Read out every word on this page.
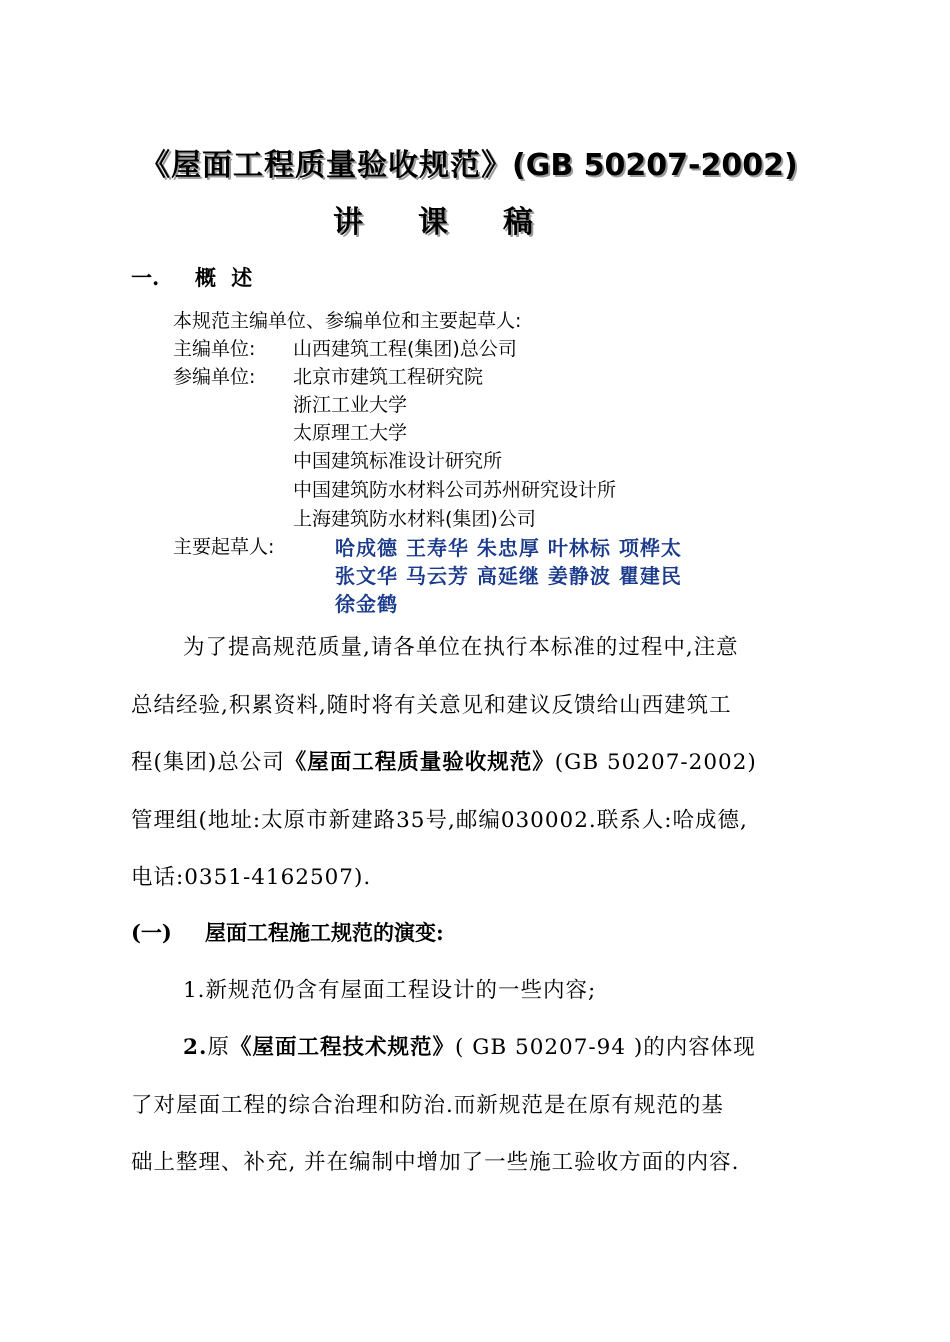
《屋面工程质量验收规范》(GB 50207-2002)
讲 课 稿
一. 概 述
本规范主编单位、参编单位和主要起草人:
主编单位: 山西建筑工程(集团)总公司
参编单位: 北京市建筑工程研究院
浙江工业大学
太原理工大学
中国建筑标准设计研究所
中国建筑防水材料公司苏州研究设计所
上海建筑防水材料(集团)公司
主要起草人:	哈成德 王寿华 朱忠厚 叶林标 项桦太
张文华 马云芳 高延继 姜静波 瞿建民
徐金鹤
为了提高规范质量,请各单位在执行本标准的过程中,注意
总结经验,积累资料,随时将有关意见和建议反馈给山西建筑工
程(集团)总公司《屋面工程质量验收规范》(GB 50207-2002)
管理组(地址:太原市新建路35号,邮编030002.联系人:哈成德,
电话:0351-4162507).
(一) 屋面工程施工规范的演变:
1.新规范仍含有屋面工程设计的一些内容;
2.原《屋面工程技术规范》( GB 50207-94 )的内容体现
了对屋面工程的综合治理和防治.而新规范是在原有规范的基
础上整理、补充, 并在编制中增加了一些施工验收方面的内容.
